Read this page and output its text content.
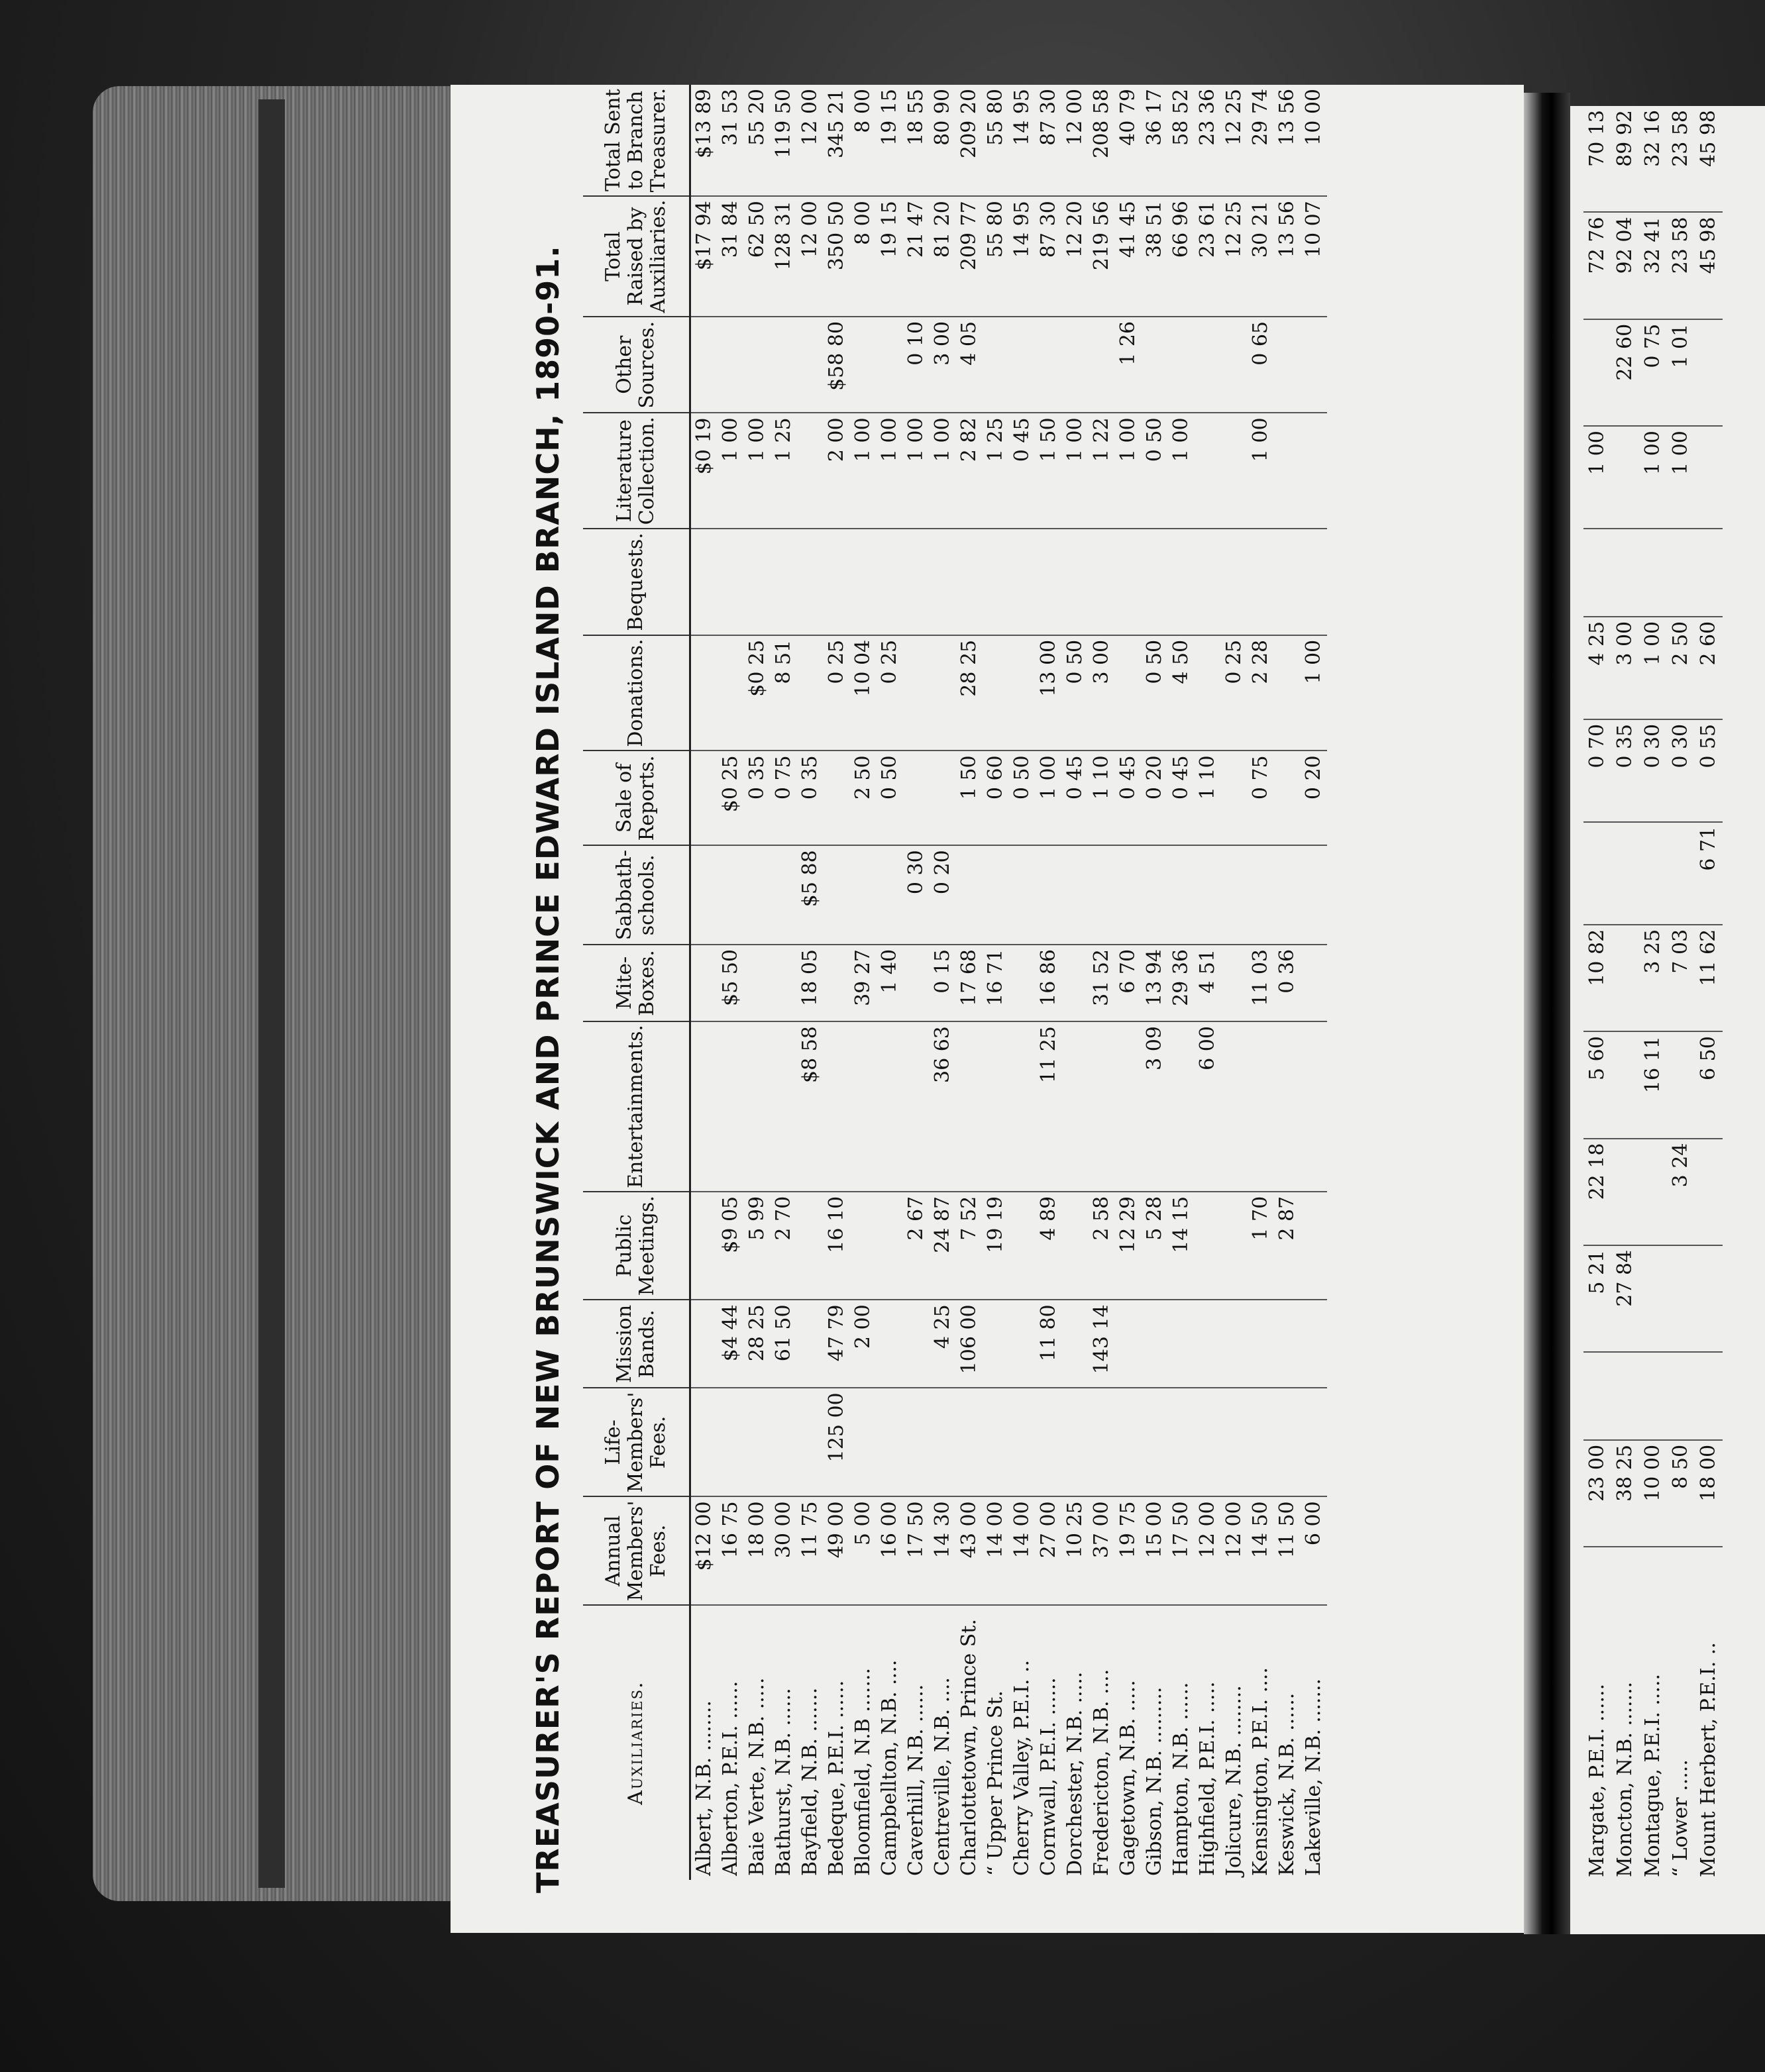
TREASURER'S REPORT OF NEW BRUNSWICK AND PRINCE EDWARD ISLAND BRANCH, 1890-91.	Auxiliaries.	Annual Members' Fees.	Life-Members' Fees.	Mission Bands.	Public Meetings.	Entertainments.	Mite-Boxes.	Sabbath-schools.	Sale of Reports.	Donations.	Bequests.	Literature Collection.	Other Sources.	Total Raised by Auxiliaries.	Total Sent to Branch Treasurer.
Albert, N.B. ........	$12 00										$0 19		$17 94	$13 89
Alberton, P.E.I. ......	16 75		$4 44	$9 05		$5 50		$0 25			1 00		31 84	31 53
Baie Verte, N.B. .....	18 00		28 25	5 99				0 35	$0 25		1 00		62 50	55 20
Bathurst, N.B. ......	30 00		61 50	2 70				0 75	8 51		1 25		128 31	119 50
Bayfield, N.B. .......	11 75				$8 58	18 05	$5 88	0 35					12 00	12 00
Bedeque, P.E.I. ......	49 00	125 00	47 79	16 10					0 25		2 00	$58 80	350 50	345 21
Bloomfield, N.B .......	5 00		2 00			39 27		2 50	10 04		1 00		8 00	8 00
Campbellton, N.B. ....	16 00					1 40		0 50	0 25		1 00		19 15	19 15
Caverhill, N.B. ......	17 50			2 67			0 30				1 00	0 10	21 47	18 55
Centreville, N.B. ....	14 30		4 25	24 87	36 63	0 15	0 20				1 00	3 00	81 20	80 90
Charlottetown, Prince St.	43 00		106 00	7 52		17 68		1 50	28 25		2 82	4 05	209 77	209 20
“ Upper Prince St.	14 00			19 19		16 71		0 60			1 25		55 80	55 80
Cherry Valley, P.E.I. ..	14 00							0 50			0 45		14 95	14 95
Cornwall, P.E.I. ......	27 00		11 80	4 89	11 25	16 86		1 00	13 00		1 50		87 30	87 30
Dorchester, N.B. .....	10 25							0 45	0 50		1 00		12 20	12 00
Fredericton, N.B. ....	37 00		143 14	2 58		31 52		1 10	3 00		1 22		219 56	208 58
Gagetown, N.B. .....	19 75			12 29		6 70		0 45			1 00	1 26	41 45	40 79
Gibson, N.B. .........	15 00			5 28	3 09	13 94		0 20	0 50		0 50		38 51	36 17
Hampton, N.B. ......	17 50			14 15		29 36		0 45	4 50		1 00		66 96	58 52
Highfield, P.E.I. .....	12 00				6 00	4 51		1 10					23 61	23 36
Jolicure, N.B. ........	12 00								0 25				12 25	12 25
Kensington, P.E.I. ....	14 50			1 70		11 03		0 75	2 28		1 00	0 65	30 21	29 74
Keswick, N.B. ......	11 50			2 87		0 36							13 56	13 56
Lakeville, N.B. .......	6 00							0 20	1 00				10 07	10 00
Margate, P.E.I. ......	23 00		5 21	22 18	5 60	10 82		0 70	4 25		1 00		72 76	70 13
Moncton, N.B. .......	38 25		27 84					0 35	3 00			22 60	92 04	89 92
Montague, P.E.I. .....	10 00				16 11	3 25		0 30	1 00		1 00	0 75	32 41	32 16
“ Lower .....	8 50			3 24		7 03		0 30	2 50		1 00	1 01	23 58	23 58
Mount Herbert, P.E.I. ..	18 00				6 50	11 62	6 71	0 55	2 60				45 98	45 98
